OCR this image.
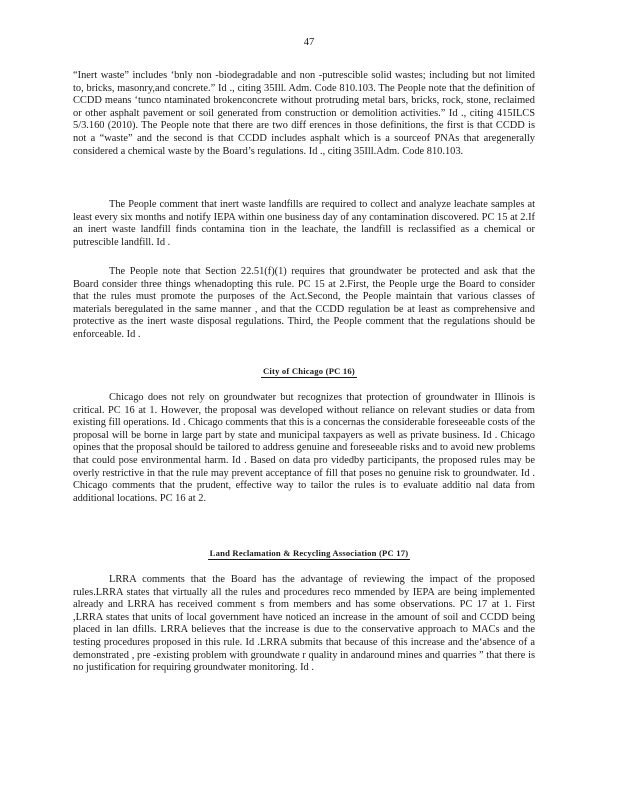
47

“Inert waste” includes ‘bnly non -biodegradable and non -putrescible solid wastes; including but not limited to, bricks, masonry,and concrete.” Id ., citing 35Ill. Adm. Code 810.103. The People note that the definition of CCDD means ‘tunco ntaminated brokenconcrete without protruding metal bars, bricks, rock, stone, reclaimed or other asphalt pavement or soil generated from construction or demolition activities.” Id ., citing 415ILCS 5/3.160 (2010). The People note that there are two diff erences in those definitions, the first is that CCDD is not a “waste” and the second is that CCDD includes asphalt which is a sourceof PNAs that aregenerally considered a chemical waste by the Board’s regulations. Id ., citing 35Ill.Adm. Code 810.103.

The People comment that inert waste landfills are required to collect and analyze leachate samples at least every six months and notify IEPA within one business day of any contamination discovered. PC 15 at 2.If an inert waste landfill finds contamina tion in the leachate, the landfill is reclassified as a chemical or putrescible landfill. Id .

The People note that Section 22.51(f)(1) requires that groundwater be protected and ask that the Board consider three things whenadopting this rule. PC 15 at 2.First, the People urge the Board to consider that the rules must promote the purposes of the Act.Second, the People maintain that various classes of materials beregulated in the same manner , and that the CCDD regulation be at least as comprehensive and protective as the inert waste disposal regulations. Third, the People comment that the regulations should be enforceable. Id .

City of Chicago (PC 16)

Chicago does not rely on groundwater but recognizes that protection of groundwater in Illinois is critical. PC 16 at 1. However, the proposal was developed without reliance on relevant studies or data from existing fill operations. Id . Chicago comments that this is a concernas the considerable foreseeable costs of the proposal will be borne in large part by state and municipal taxpayers as well as private business. Id . Chicago opines that the proposal should be tailored to address genuine and foreseeable risks and to avoid new problems that could pose environmental harm. Id . Based on data pro videdby participants, the proposed rules may be overly restrictive in that the rule may prevent acceptance of fill that poses no genuine risk to groundwater. Id . Chicago comments that the prudent, effective way to tailor the rules is to evaluate additio nal data from additional locations. PC 16 at 2.

Land Reclamation & Recycling Association (PC 17)

LRRA comments that the Board has the advantage of reviewing the impact of the proposed rules.LRRA states that virtually all the rules and procedures reco mmended by IEPA are being implemented already and LRRA has received comment s from members and has some observations. PC 17 at 1. First ,LRRA states that units of local government have noticed an increase in the amount of soil and CCDD being placed in lan dfills. LRRA believes that the increase is due to the conservative approach to MACs and the testing procedures proposed in this rule. Id .LRRA submits that because of this increase and the‘absence of a demonstrated , pre -existing problem with groundwate r quality in andaround mines and quarries ” that there is no justification for requiring groundwater monitoring. Id .
